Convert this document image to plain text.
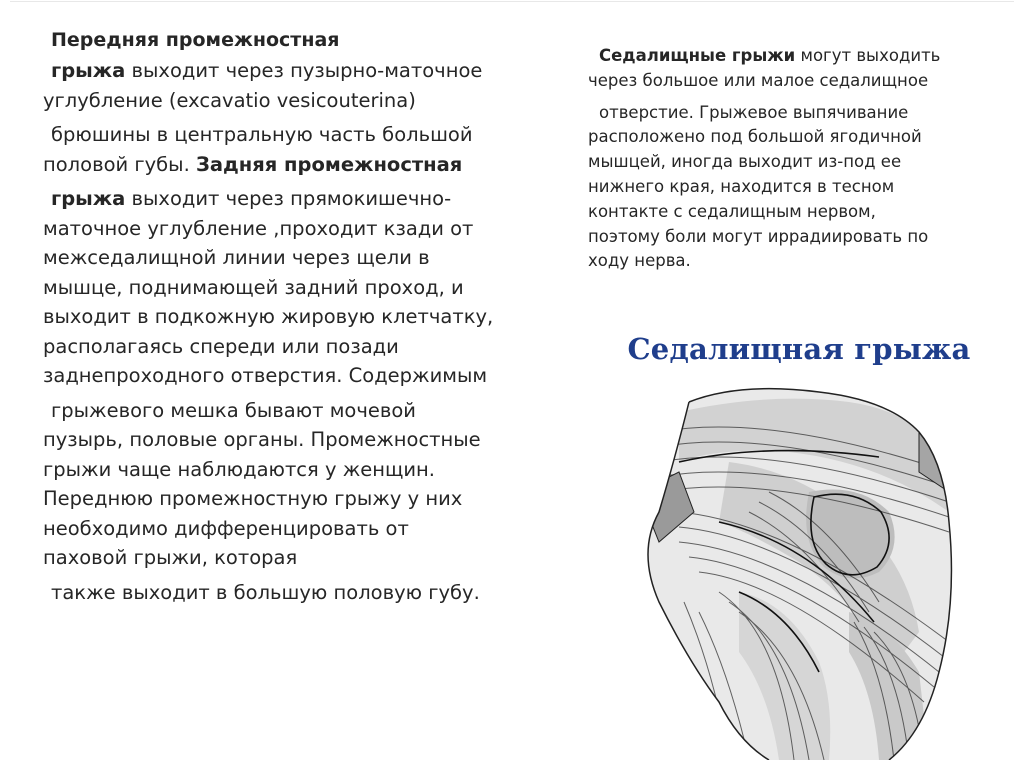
Передняя промежностная
грыжа выходит через пузырно-маточное
углубление (excavatio vesicouterina)
брюшины в центральную часть большой
половой губы. Задняя промежностная
грыжа выходит через прямокишечно-
маточное углубление ,проходит кзади от
межседалищной линии через щели в
мышце, поднимающей задний проход, и
выходит в подкожную жировую клетчатку,
располагаясь спереди или позади
заднепроходного отверстия. Содержимым
грыжевого мешка бывают мочевой
пузырь, половые органы. Промежностные
грыжи чаще наблюдаются у женщин.
Переднюю промежностную грыжу у них
необходимо дифференцировать от
паховой грыжи, которая
также выходит в большую половую губу.
Седалищные грыжи могут выходить
через большое или малое седалищное
отверстие. Грыжевое выпячивание
расположено под большой ягодичной
мышцей, иногда выходит из-под ее
нижнего края, находится в тесном
контакте с седалищным нервом,
поэтому боли могут иррадиировать по
ходу нерва.
Седалищная грыжа
